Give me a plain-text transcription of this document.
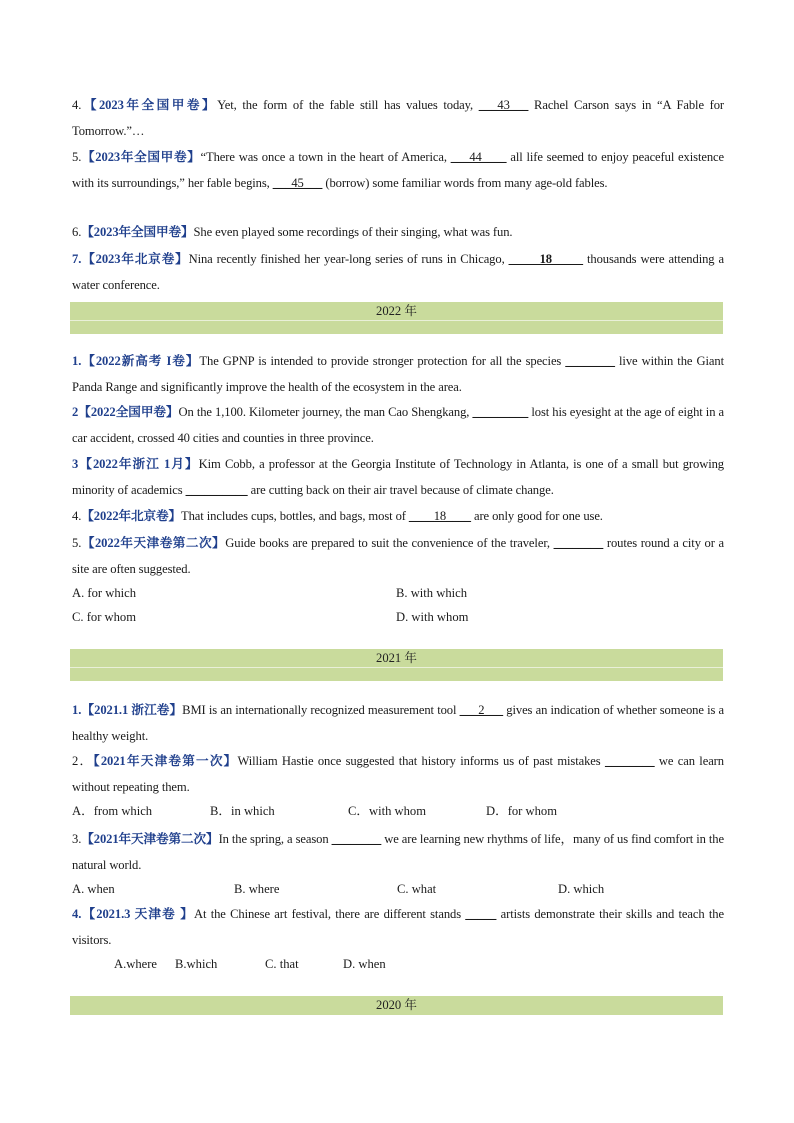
4.【2023年全国甲卷】Yet, the form of the fable still has values today, ___43___ Rachel Carson says in “A Fable for Tomorrow.”…
5.【2023年全国甲卷】“There was once a town in the heart of America, ___44____ all life seemed to enjoy peaceful existence with its surroundings,” her fable begins, ___45___ (borrow) some familiar words from many age-old fables.
6.【2023年全国甲卷】She even played some recordings of their singing, what was fun.
7.【2023年北京卷】Nina recently finished her year-long series of runs in Chicago, _____18_____ thousands were attending a water conference.
2022 年
1.【2022新高考 I卷】The GPNP is intended to provide stronger protection for all the species ________ live within the Giant Panda Range and significantly improve the health of the ecosystem in the area.
2【2022全国甲卷】On the 1,100. Kilometer journey, the man Cao Shengkang, _________ lost his eyesight at the age of eight in a car accident, crossed 40 cities and counties in three province.
3【2022年浙江 1月】Kim Cobb, a professor at the Georgia Institute of Technology in Atlanta, is one of a small but growing minority of academics __________ are cutting back on their air travel because of climate change.
4.【2022年北京卷】That includes cups, bottles, and bags, most of ____18____ are only good for one use.
5.【2022年天津卷第二次】Guide books are prepared to suit the convenience of the traveler, ________ routes round a city or a site are often suggested.
A. for which	B. with which
C. for whom	D. with whom
2021 年
1.【2021.1 浙江卷】BMI is an internationally recognized measurement tool ___2___ gives an indication of whether someone is a healthy weight.
2．【2021年天津卷第一次】William Hastie once suggested that history informs us of past mistakes ________ we can learn without repeating them.
A．from which	B．in which	C．with whom	D．for whom
3.【2021年天津卷第二次】In the spring, a season ________ we are learning new rhythms of life，many of us find comfort in the natural world.
A. when	B. where	C. what	D. which
4.【2021.3 天津卷 】At the Chinese art festival, there are different stands _____ artists demonstrate their skills and teach the visitors.
A.where B.which	C. that	D. when
2020 年
